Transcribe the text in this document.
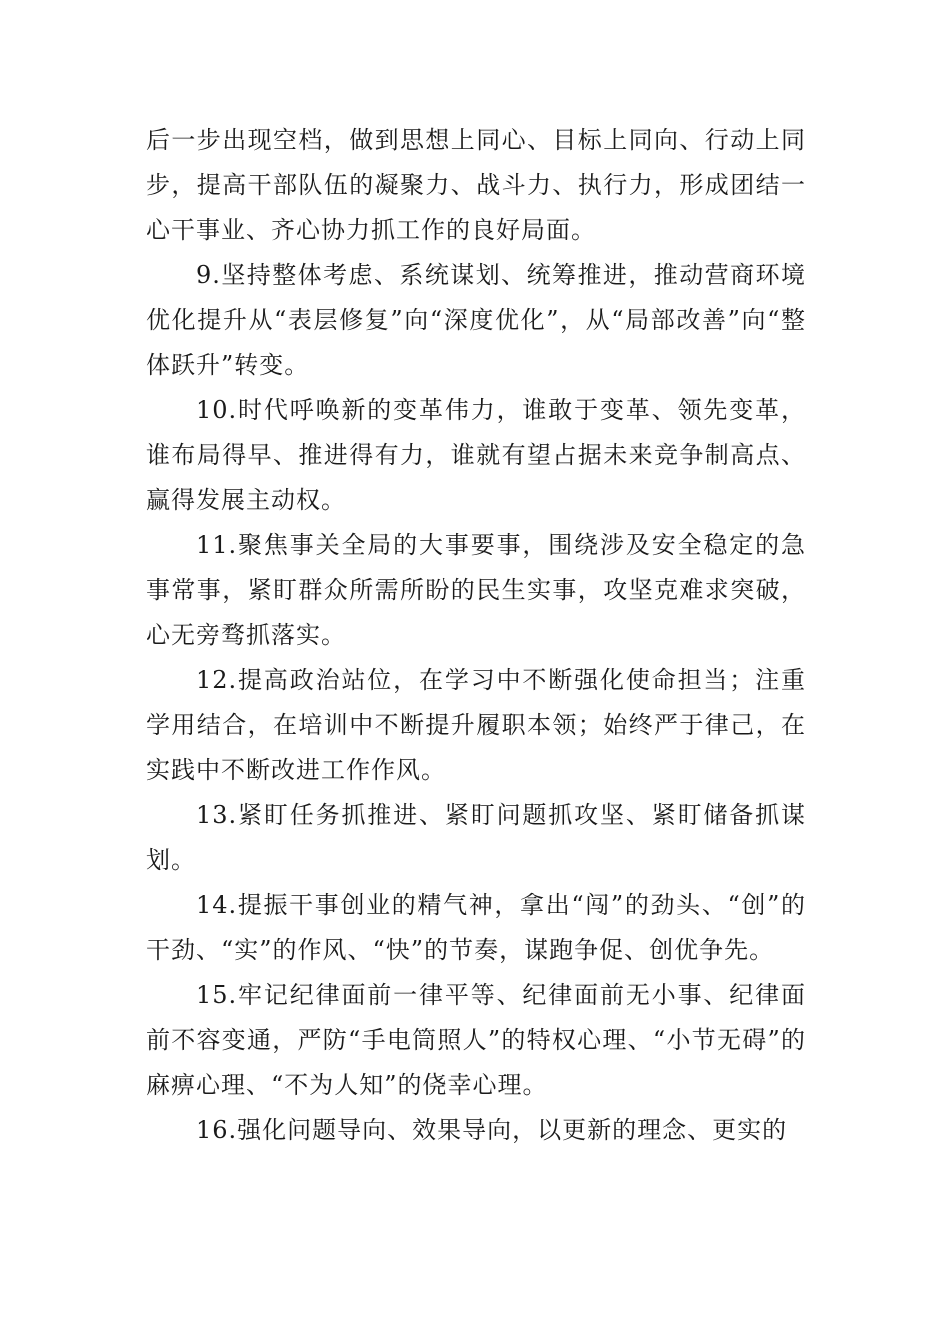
后一步出现空档，做到思想上同心、目标上同向、行动上同步，提高干部队伍的凝聚力、战斗力、执行力，形成团结一心干事业、齐心协力抓工作的良好局面。

9.坚持整体考虑、系统谋划、统筹推进，推动营商环境优化提升从“表层修复”向“深度优化”，从“局部改善”向“整体跃升”转变。

10.时代呼唤新的变革伟力，谁敢于变革、领先变革，谁布局得早、推进得有力，谁就有望占据未来竞争制高点、赢得发展主动权。

11.聚焦事关全局的大事要事，围绕涉及安全稳定的急事常事，紧盯群众所需所盼的民生实事，攻坚克难求突破，心无旁骛抓落实。

12.提高政治站位，在学习中不断强化使命担当；注重学用结合，在培训中不断提升履职本领；始终严于律己，在实践中不断改进工作作风。

13.紧盯任务抓推进、紧盯问题抓攻坚、紧盯储备抓谋划。

14.提振干事创业的精气神，拿出“闯”的劲头、“创”的干劲、“实”的作风、“快”的节奏，谋跑争促、创优争先。

15.牢记纪律面前一律平等、纪律面前无小事、纪律面前不容变通，严防“手电筒照人”的特权心理、“小节无碍”的麻痹心理、“不为人知”的侥幸心理。

16.强化问题导向、效果导向，以更新的理念、更实的
